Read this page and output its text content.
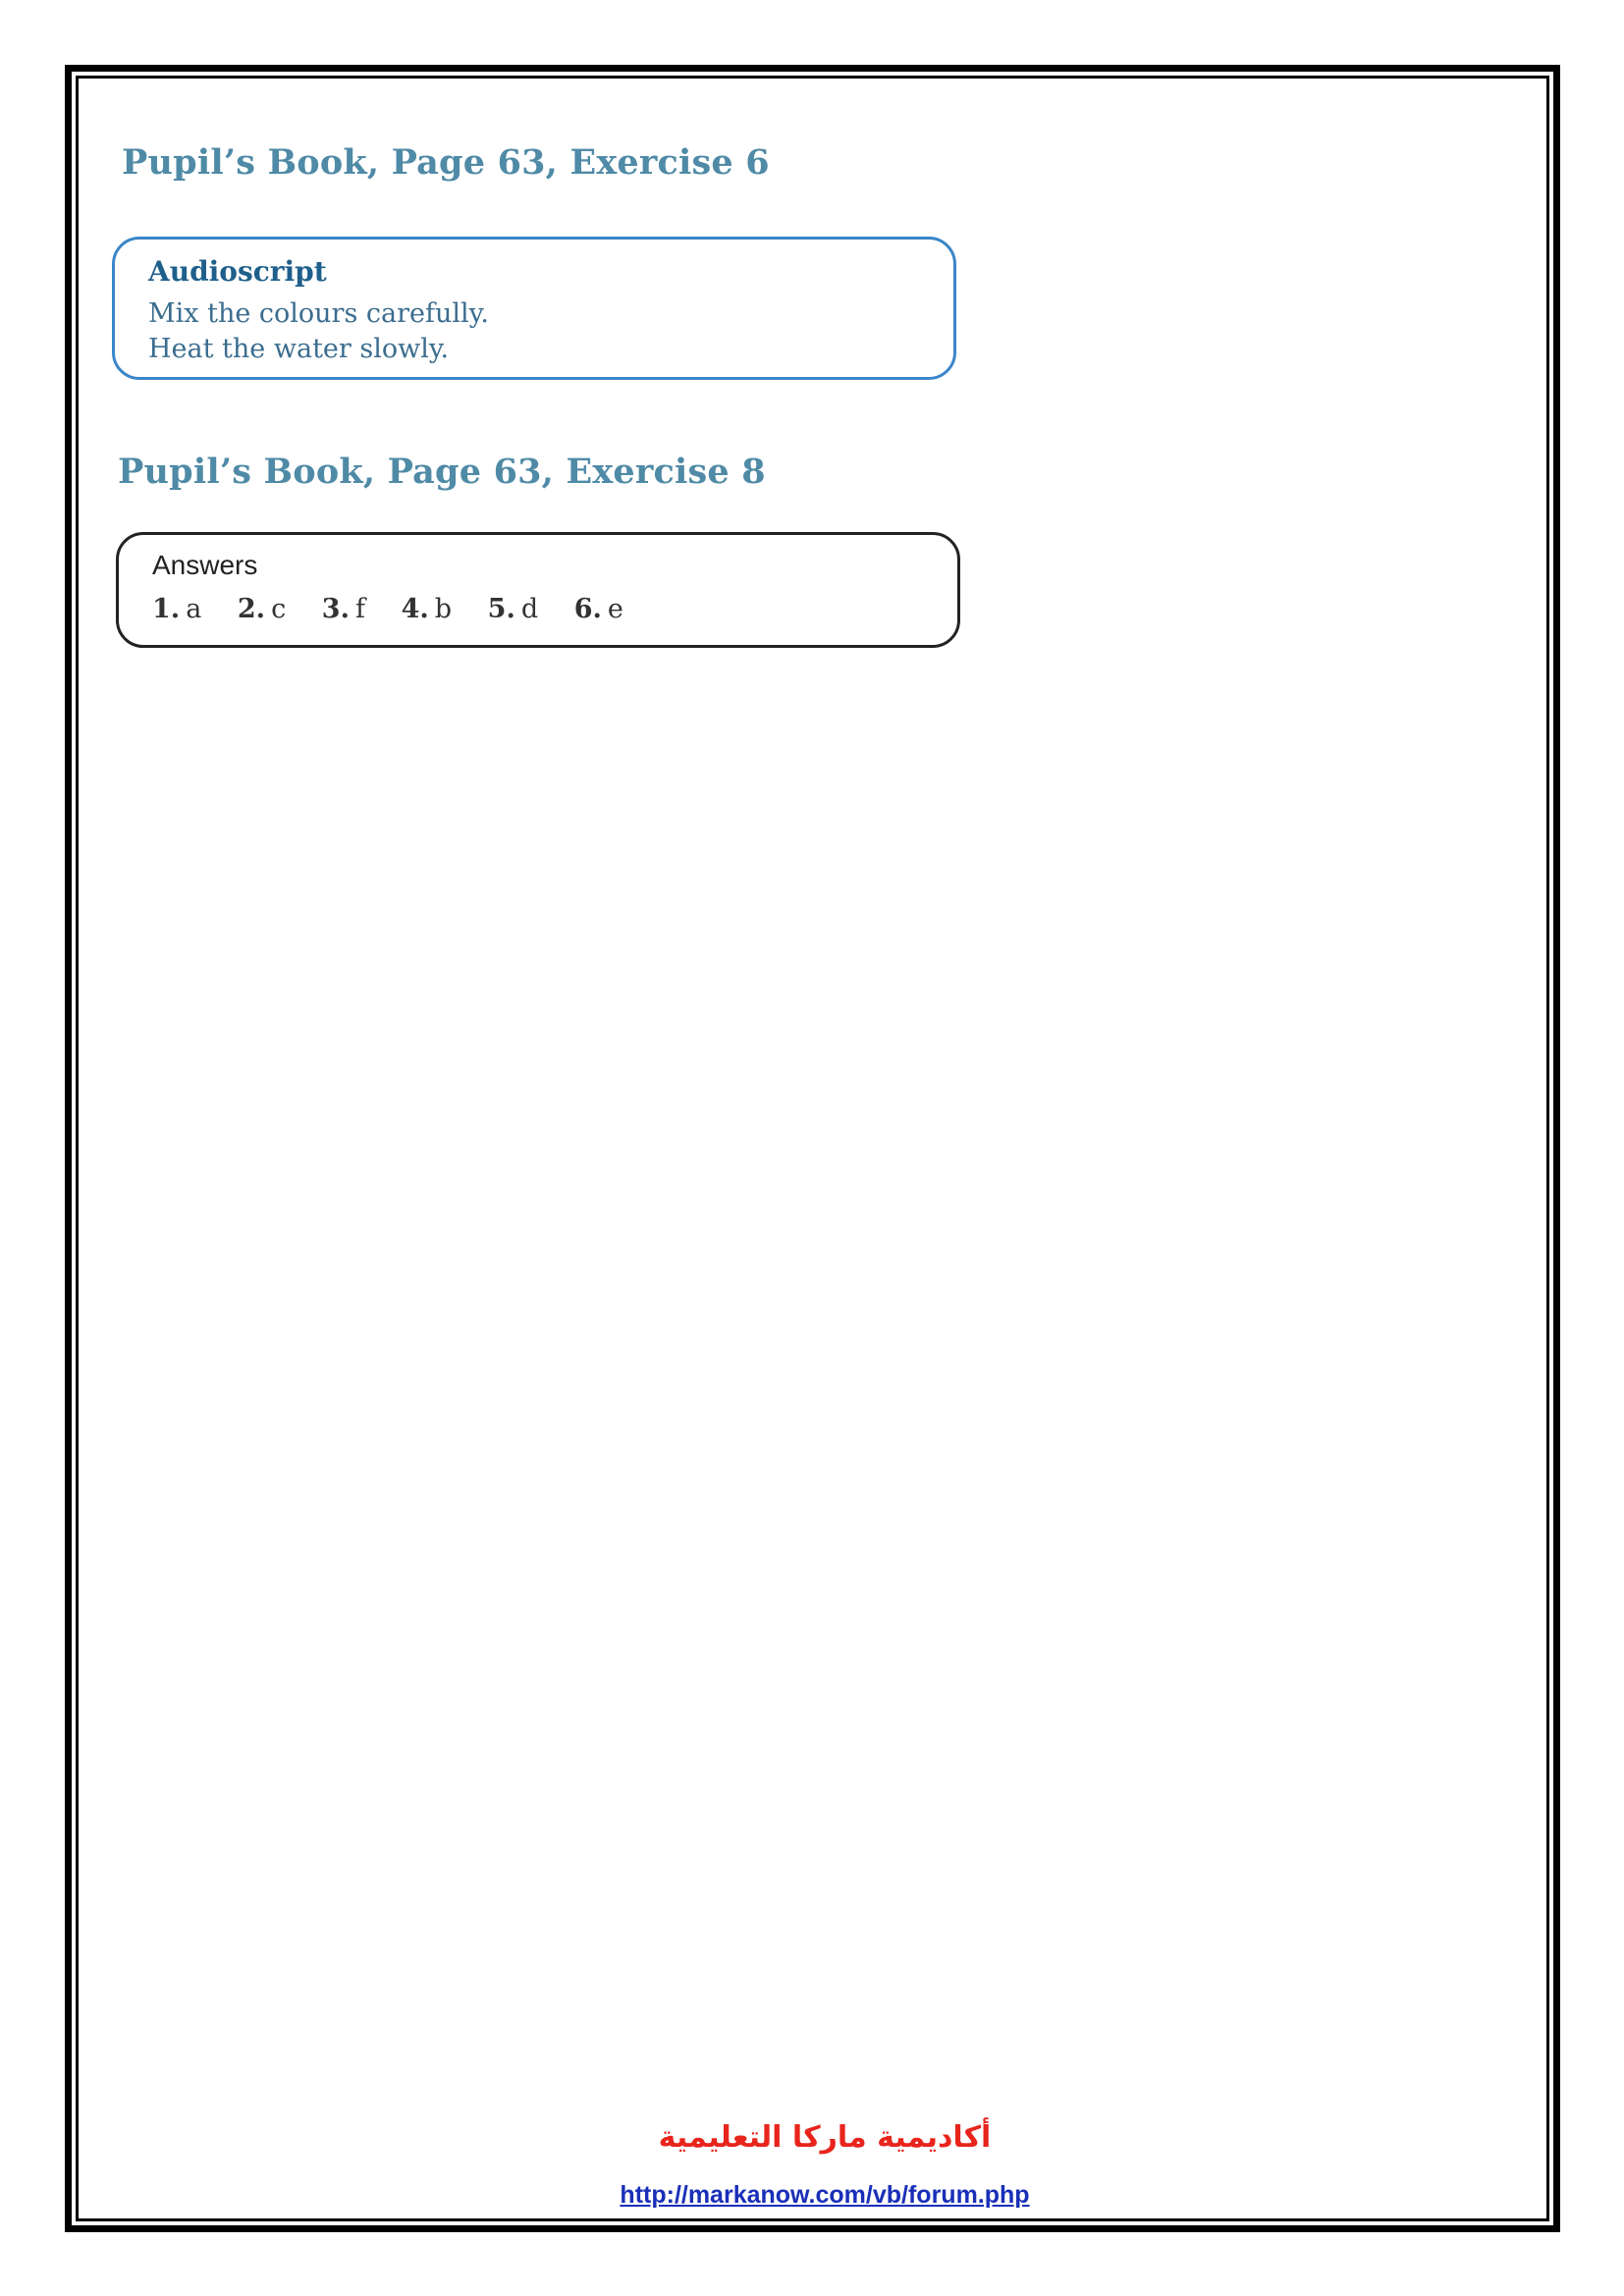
Pupil’s Book, Page 63, Exercise 6
Audioscript
Mix the colours carefully.
Heat the water slowly.
Pupil’s Book, Page 63, Exercise 8
Answers
1. a 2. c 3. f 4. b 5. d 6. e
أكاديمية ماركا التعليمية
http://markanow.com/vb/forum.php
